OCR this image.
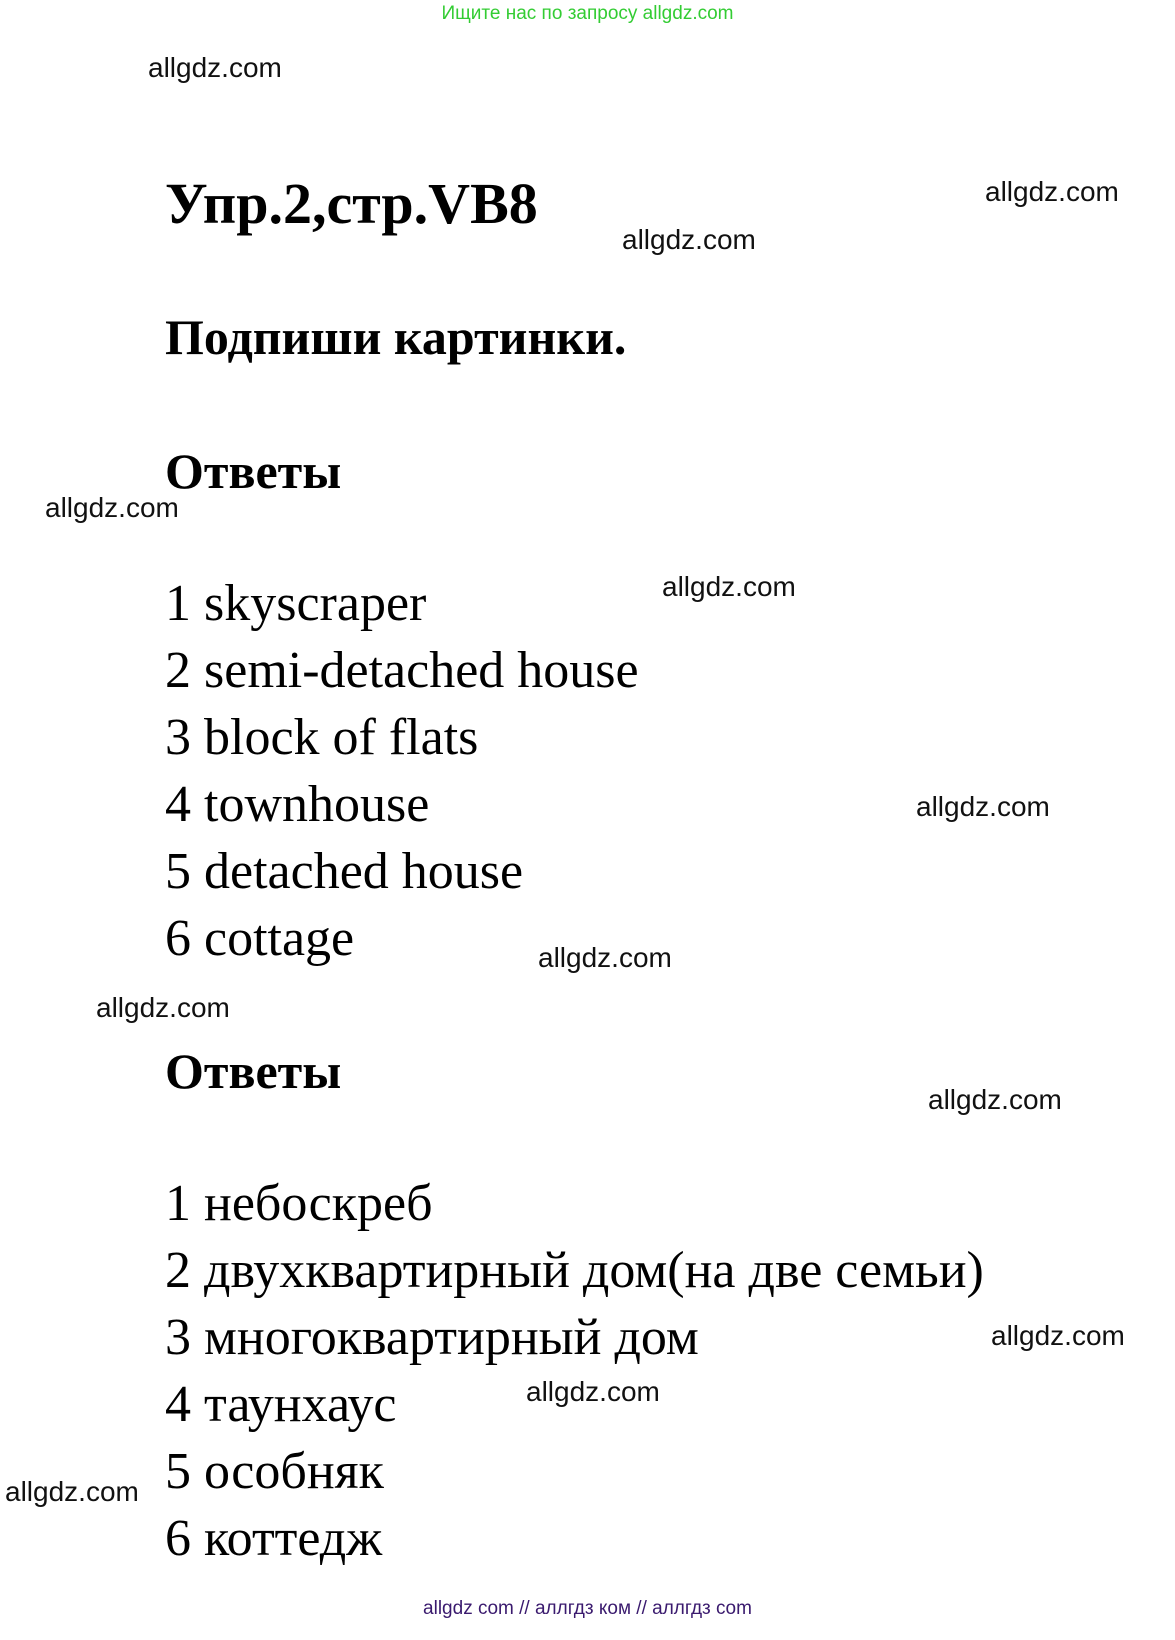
Ищите нас по запросу allgdz.com
allgdz.com
allgdz.com
allgdz.com
allgdz.com
allgdz.com
allgdz.com
allgdz.com
allgdz.com
allgdz.com
allgdz.com
allgdz.com
allgdz.com
Упр.2,стр.VB8
Подпиши картинки.
Ответы
1 skyscraper
2 semi-detached house
3 block of flats
4 townhouse
5 detached house
6 cottage
Ответы
1 небоскреб
2 двухквартирный дом(на две семьи)
3 многоквартирный дом
4 таунхаус
5 особняк
6 коттедж
allgdz com // аллгдз ком // аллгдз com
